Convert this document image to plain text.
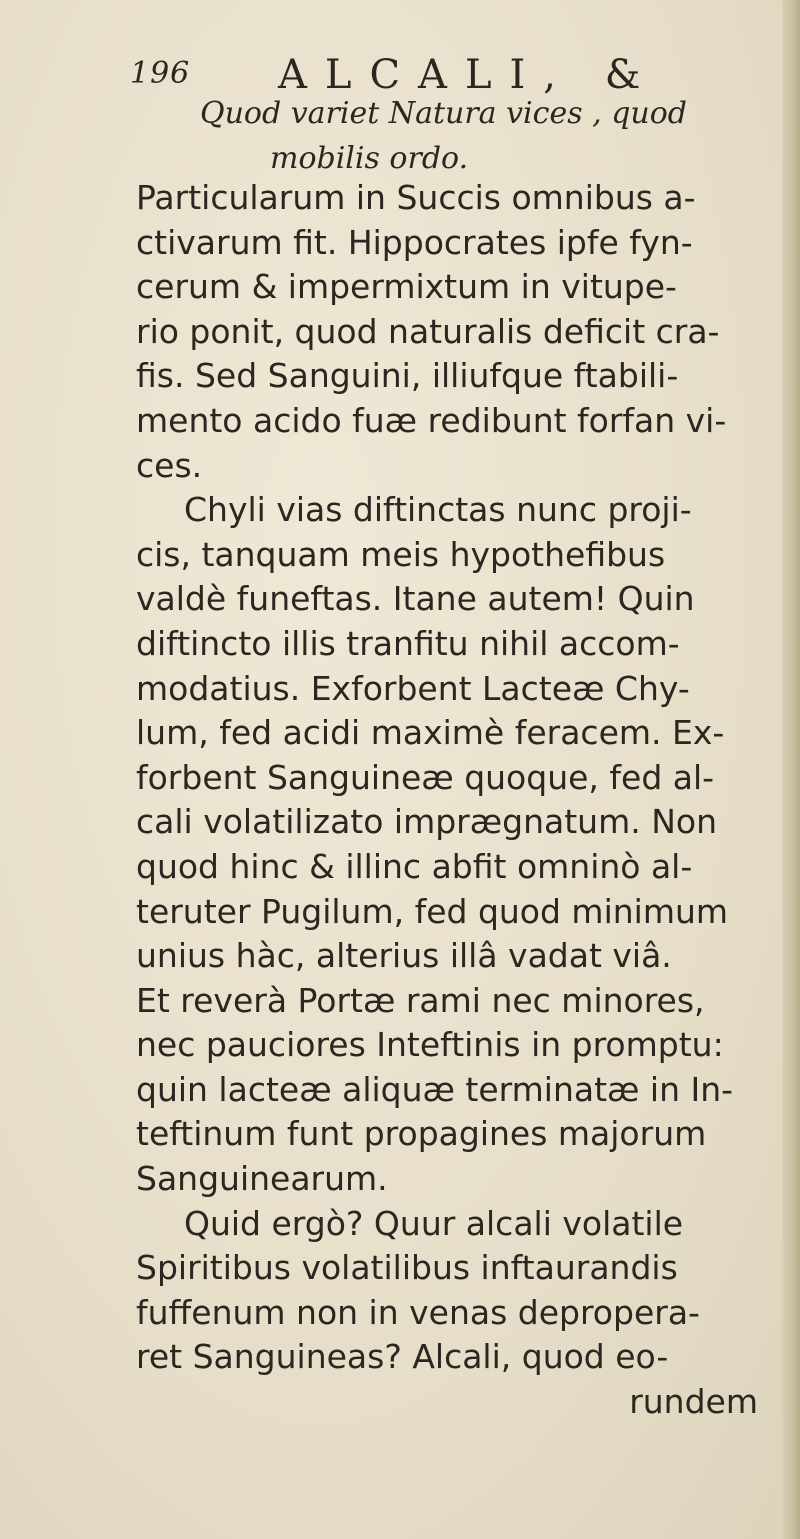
196 ALCALI, &
Quod variet Natura vices , quod
mobilis ordo.
Particularum in Succis omnibus a-
ctivarum fit. Hippocrates ipfe fyn-
cerum & impermixtum in vitupe-
rio ponit, quod naturalis deficit cra-
fis. Sed Sanguini, illiufque ftabili-
mento acido fuæ redibunt forfan vi-
ces.
Chyli vias diftinctas nunc proji-
cis, tanquam meis hypothefibus
valdè funeftas. Itane autem! Quin
diftincto illis tranfitu nihil accom-
modatius. Exforbent Lacteæ Chy-
lum, fed acidi maximè feracem. Ex-
forbent Sanguineæ quoque, fed al-
cali volatilizato imprægnatum. Non
quod hinc & illinc abfit omninò al-
teruter Pugilum, fed quod minimum
unius hàc, alterius illâ vadat viâ.
Et reverà Portæ rami nec minores,
nec pauciores Inteftinis in promptu:
quin lacteæ aliquæ terminatæ in In-
teftinum funt propagines majorum
Sanguinearum.
Quid ergò? Quur alcali volatile
Spiritibus volatilibus inftaurandis
fuffenum non in venas depropera-
ret Sanguineas? Alcali, quod eo-
rundem
